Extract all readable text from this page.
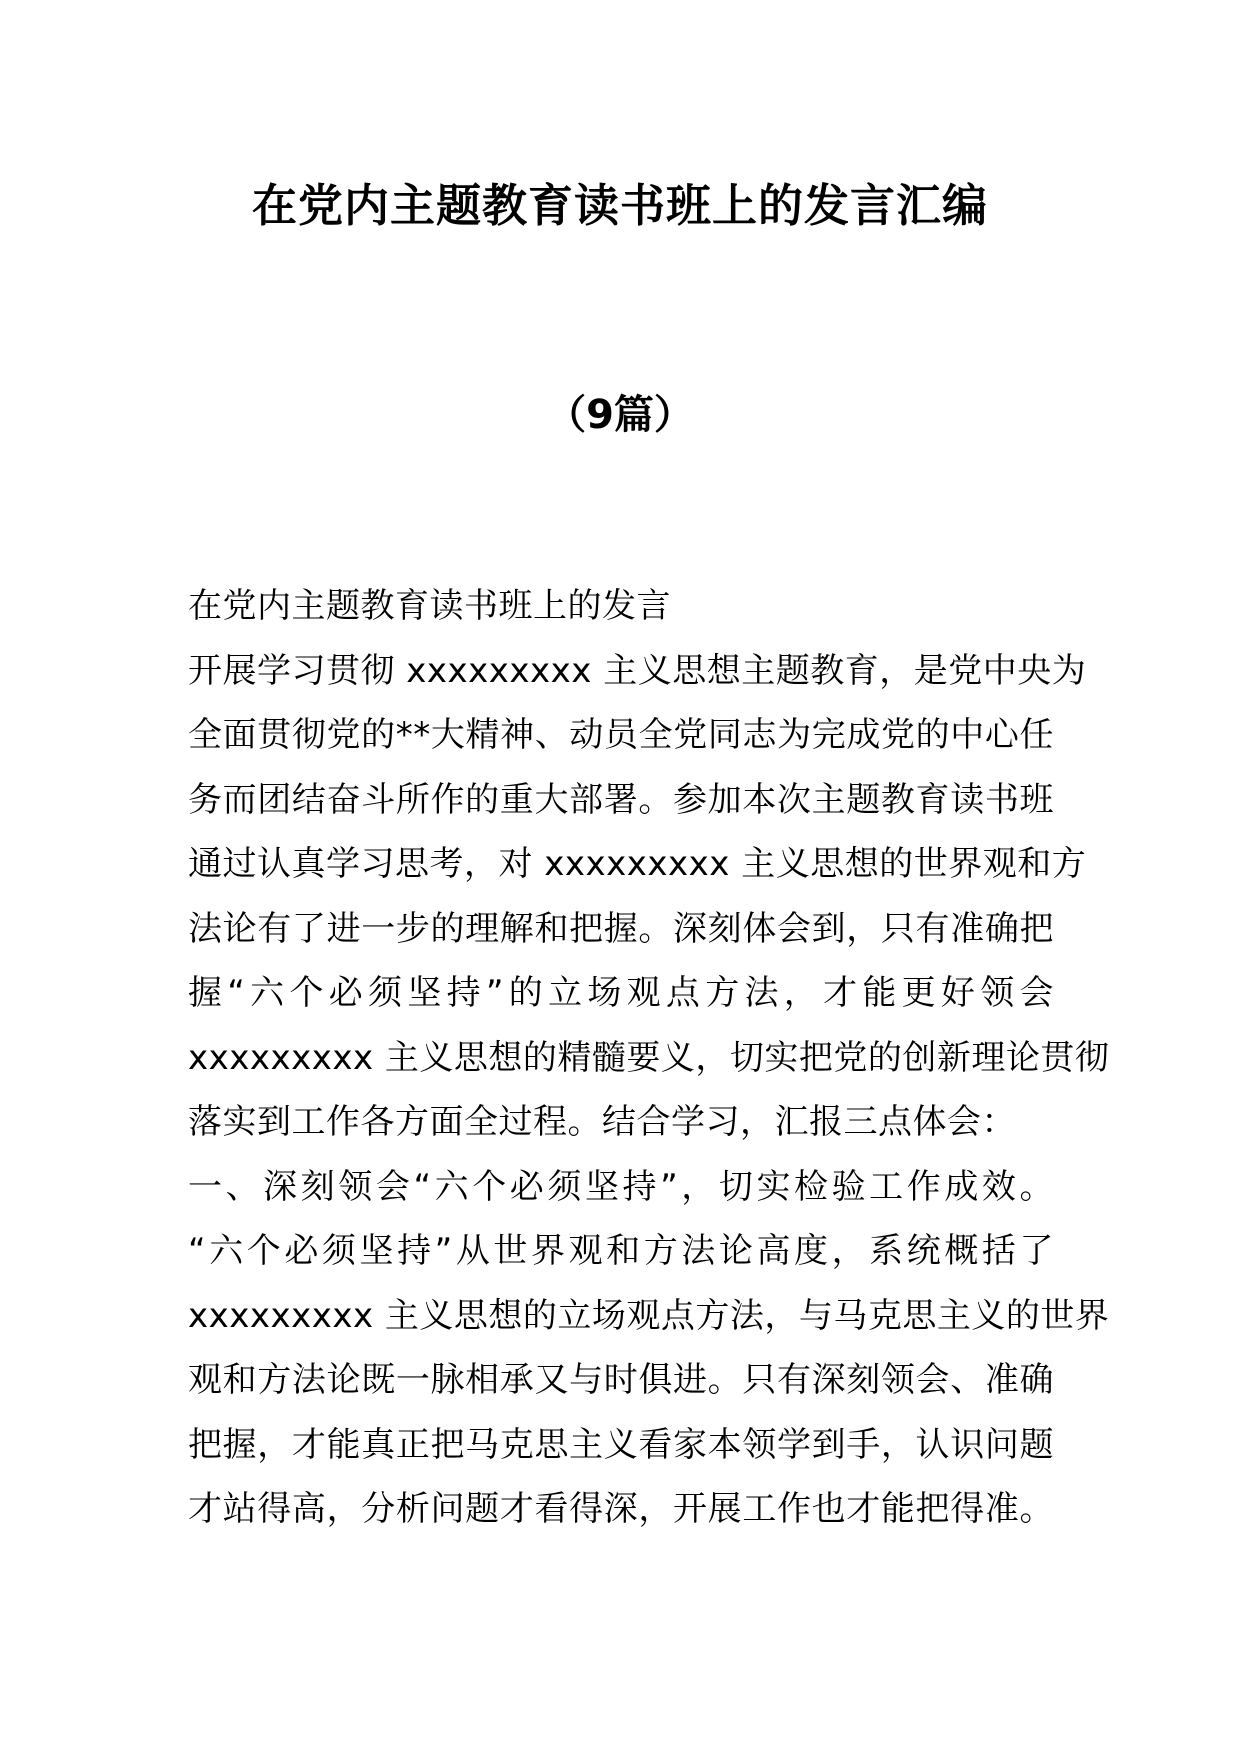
在党内主题教育读书班上的发言汇编
（9篇）
在党内主题教育读书班上的发言
开展学习贯彻 xxxxxxxxx 主义思想主题教育，是党中央为
全面贯彻党的**大精神、动员全党同志为完成党的中心任
务而团结奋斗所作的重大部署。参加本次主题教育读书班
通过认真学习思考，对 xxxxxxxxx 主义思想的世界观和方
法论有了进一步的理解和把握。深刻体会到，只有准确把
握“六个必须坚持”的立场观点方法，才能更好领会
xxxxxxxxx 主义思想的精髓要义，切实把党的创新理论贯彻
落实到工作各方面全过程。结合学习，汇报三点体会：
一、深刻领会“六个必须坚持”，切实检验工作成效。
“六个必须坚持”从世界观和方法论高度，系统概括了
xxxxxxxxx 主义思想的立场观点方法，与马克思主义的世界
观和方法论既一脉相承又与时俱进。只有深刻领会、准确
把握，才能真正把马克思主义看家本领学到手，认识问题
才站得高，分析问题才看得深，开展工作也才能把得准。
